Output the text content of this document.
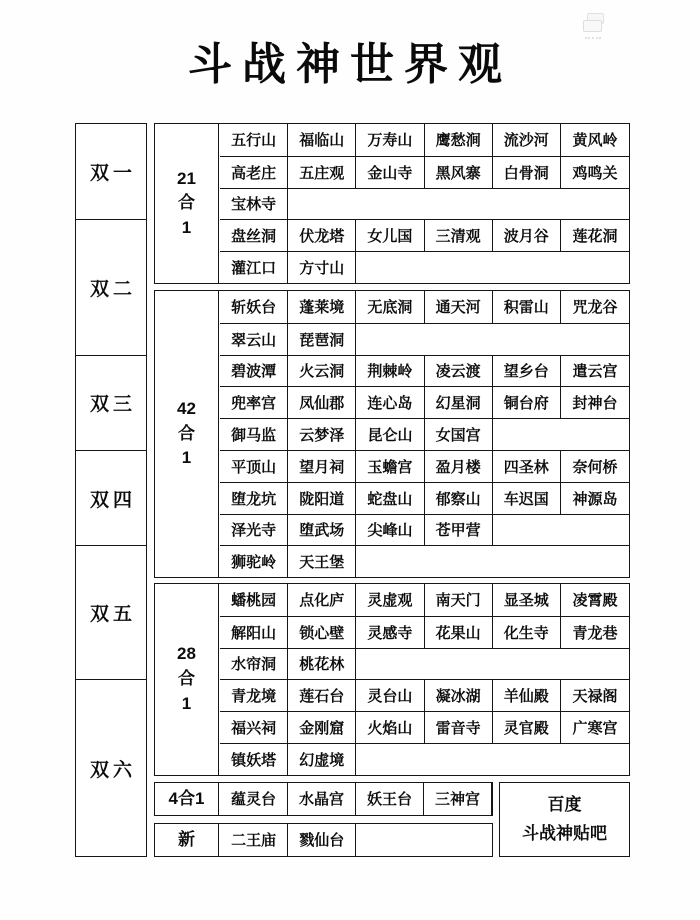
斗战神世界观
双一
双二
双三
双四
双五
双六
百度
斗战神贴吧
21
合
1
五行山	福临山	万寿山	鹰愁涧	流沙河	黄风岭
高老庄	五庄观	金山寺	黑风寨	白骨洞	鸡鸣关
宝林寺
盘丝洞	伏龙塔	女儿国	三清观	波月谷	莲花洞
灌江口	方寸山
42
合
1
斩妖台	蓬莱境	无底洞	通天河	积雷山	咒龙谷
翠云山	琵琶洞
碧波潭	火云洞	荆棘岭	凌云渡	望乡台	遣云宫
兜率宫	凤仙郡	连心岛	幻星洞	铜台府	封神台
御马监	云梦泽	昆仑山	女国宫
平顶山	望月祠	玉蟾宫	盈月楼	四圣林	奈何桥
堕龙坑	陇阳道	蛇盘山	郁察山	车迟国	神源岛
泽光寺	堕武场	尖峰山	苍甲营
狮驼岭	天王堡
28
合
1
蟠桃园	点化庐	灵虚观	南天门	显圣城	凌霄殿
解阳山	锁心壁	灵感寺	花果山	化生寺	青龙巷
水帘洞	桃花林
青龙境	莲石台	灵台山	凝冰湖	羊仙殿	天禄阁
福兴祠	金刚窟	火焰山	雷音寺	灵官殿	广寒宫
镇妖塔	幻虚境
4合1	蕴灵台	水晶宫	妖王台	三神宫
新	二王庙	戮仙台
